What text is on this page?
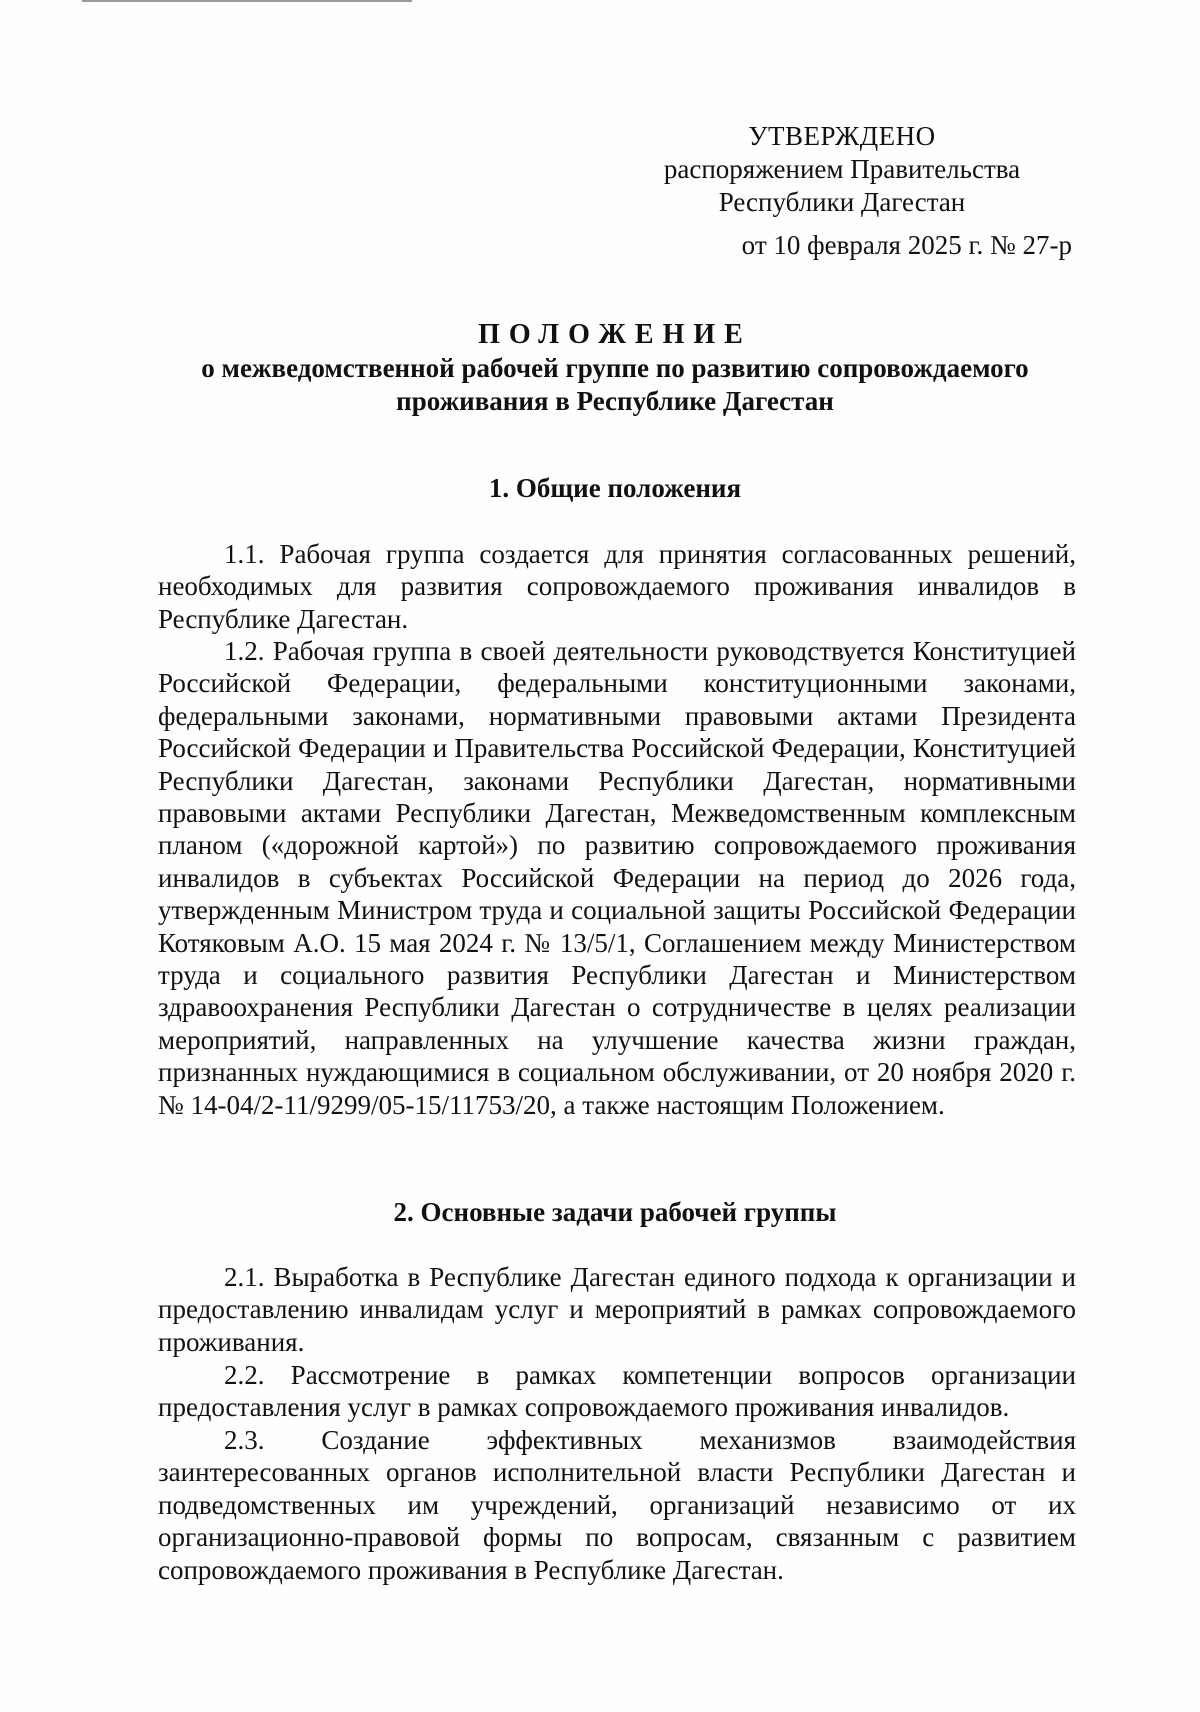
УТВЕРЖДЕНО
распоряжением Правительства
Республики Дагестан
от 10 февраля 2025 г. № 27-р
ПОЛОЖЕНИЕ
о межведомственной рабочей группе по развитию сопровождаемого проживания в Республике Дагестан
1. Общие положения
1.1. Рабочая группа создается для принятия согласованных решений, необходимых для развития сопровождаемого проживания инвалидов в Республике Дагестан.
1.2. Рабочая группа в своей деятельности руководствуется Конституцией Российской Федерации, федеральными конституционными законами, федеральными законами, нормативными правовыми актами Президента Российской Федерации и Правительства Российской Федерации, Конституцией Республики Дагестан, законами Республики Дагестан, нормативными правовыми актами Республики Дагестан, Межведомственным комплексным планом («дорожной картой») по развитию сопровождаемого проживания инвалидов в субъектах Российской Федерации на период до 2026 года, утвержденным Министром труда и социальной защиты Российской Федерации Котяковым А.О. 15 мая 2024 г. № 13/5/1, Соглашением между Министерством труда и социального развития Республики Дагестан и Министерством здравоохранения Республики Дагестан о сотрудничестве в целях реализации мероприятий, направленных на улучшение качества жизни граждан, признанных нуждающимися в социальном обслуживании, от 20 ноября 2020 г. № 14-04/2-11/9299/05-15/11753/20, а также настоящим Положением.
2. Основные задачи рабочей группы
2.1. Выработка в Республике Дагестан единого подхода к организации и предоставлению инвалидам услуг и мероприятий в рамках сопровождаемого проживания.
2.2. Рассмотрение в рамках компетенции вопросов организации предоставления услуг в рамках сопровождаемого проживания инвалидов.
2.3. Создание эффективных механизмов взаимодействия заинтересованных органов исполнительной власти Республики Дагестан и подведомственных им учреждений, организаций независимо от их организационно-правовой формы по вопросам, связанным с развитием сопровождаемого проживания в Республике Дагестан.
